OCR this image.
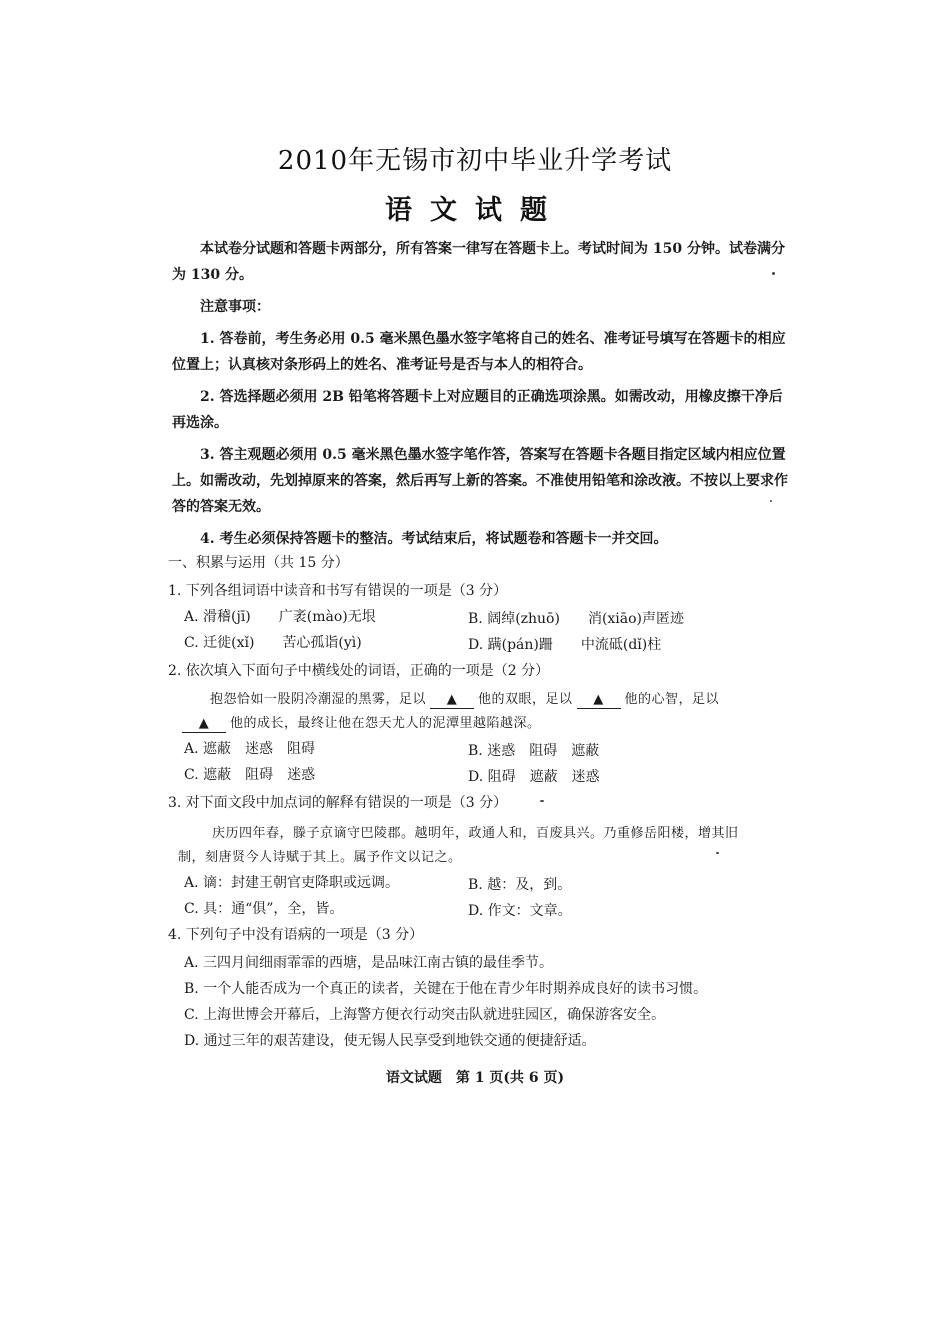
2010年无锡市初中毕业升学考试
语文试题

本试卷分试题和答题卡两部分，所有答案一律写在答题卡上。考试时间为 150 分钟。试卷满分为 130 分。

注意事项：

1. 答卷前，考生务必用 0.5 毫米黑色墨水签字笔将自己的姓名、准考证号填写在答题卡的相应位置上；认真核对条形码上的姓名、准考证号是否与本人的相符合。

2. 答选择题必须用 2B 铅笔将答题卡上对应题目的正确选项涂黑。如需改动，用橡皮擦干净后再选涂。

3. 答主观题必须用 0.5 毫米黑色墨水签字笔作答，答案写在答题卡各题目指定区域内相应位置上。如需改动，先划掉原来的答案，然后再写上新的答案。不准使用铅笔和涂改液。不按以上要求作答的答案无效。

4. 考生必须保持答题卡的整洁。考试结束后，将试题卷和答题卡一并交回。

一、积累与运用（共 15 分）
1. 下列各组词语中读音和书写有错误的一项是（3 分）
A. 滑稽(jī)　　广袤(mào)无垠	B. 阔绰(zhuō)　　消(xiāo)声匿迹
C. 迁徙(xǐ)　　苦心孤诣(yì)	D. 蹒(pán)跚　　中流砥(dǐ)柱
2. 依次填入下面句子中横线处的词语，正确的一项是（2 分）
抱怨恰如一股阴冷潮湿的黑雾，足以 ▲ 他的双眼，足以 ▲ 他的心智，足以
▲ 他的成长，最终让他在怨天尤人的泥潭里越陷越深。
A. 遮蔽　迷惑　阻碍	B. 迷惑　阻碍　遮蔽
C. 遮蔽　阻碍　迷惑	D. 阻碍　遮蔽　迷惑
3. 对下面文段中加点词的解释有错误的一项是（3 分）
庆历四年春，滕子京谪守巴陵郡。越明年，政通人和，百废具兴。乃重修岳阳楼，增其旧
制，刻唐贤今人诗赋于其上。属予作文以记之。
A. 谪：封建王朝官吏降职或远调。	B. 越：及，到。
C. 具：通“俱”，全，皆。	D. 作文：文章。
4. 下列句子中没有语病的一项是（3 分）
A. 三四月间细雨霏霏的西塘，是品味江南古镇的最佳季节。
B. 一个人能否成为一个真正的读者，关键在于他在青少年时期养成良好的读书习惯。
C. 上海世博会开幕后，上海警方便衣行动突击队就进驻园区，确保游客安全。
D. 通过三年的艰苦建设，使无锡人民享受到地铁交通的便捷舒适。
语文试题　第 1 页(共 6 页)
